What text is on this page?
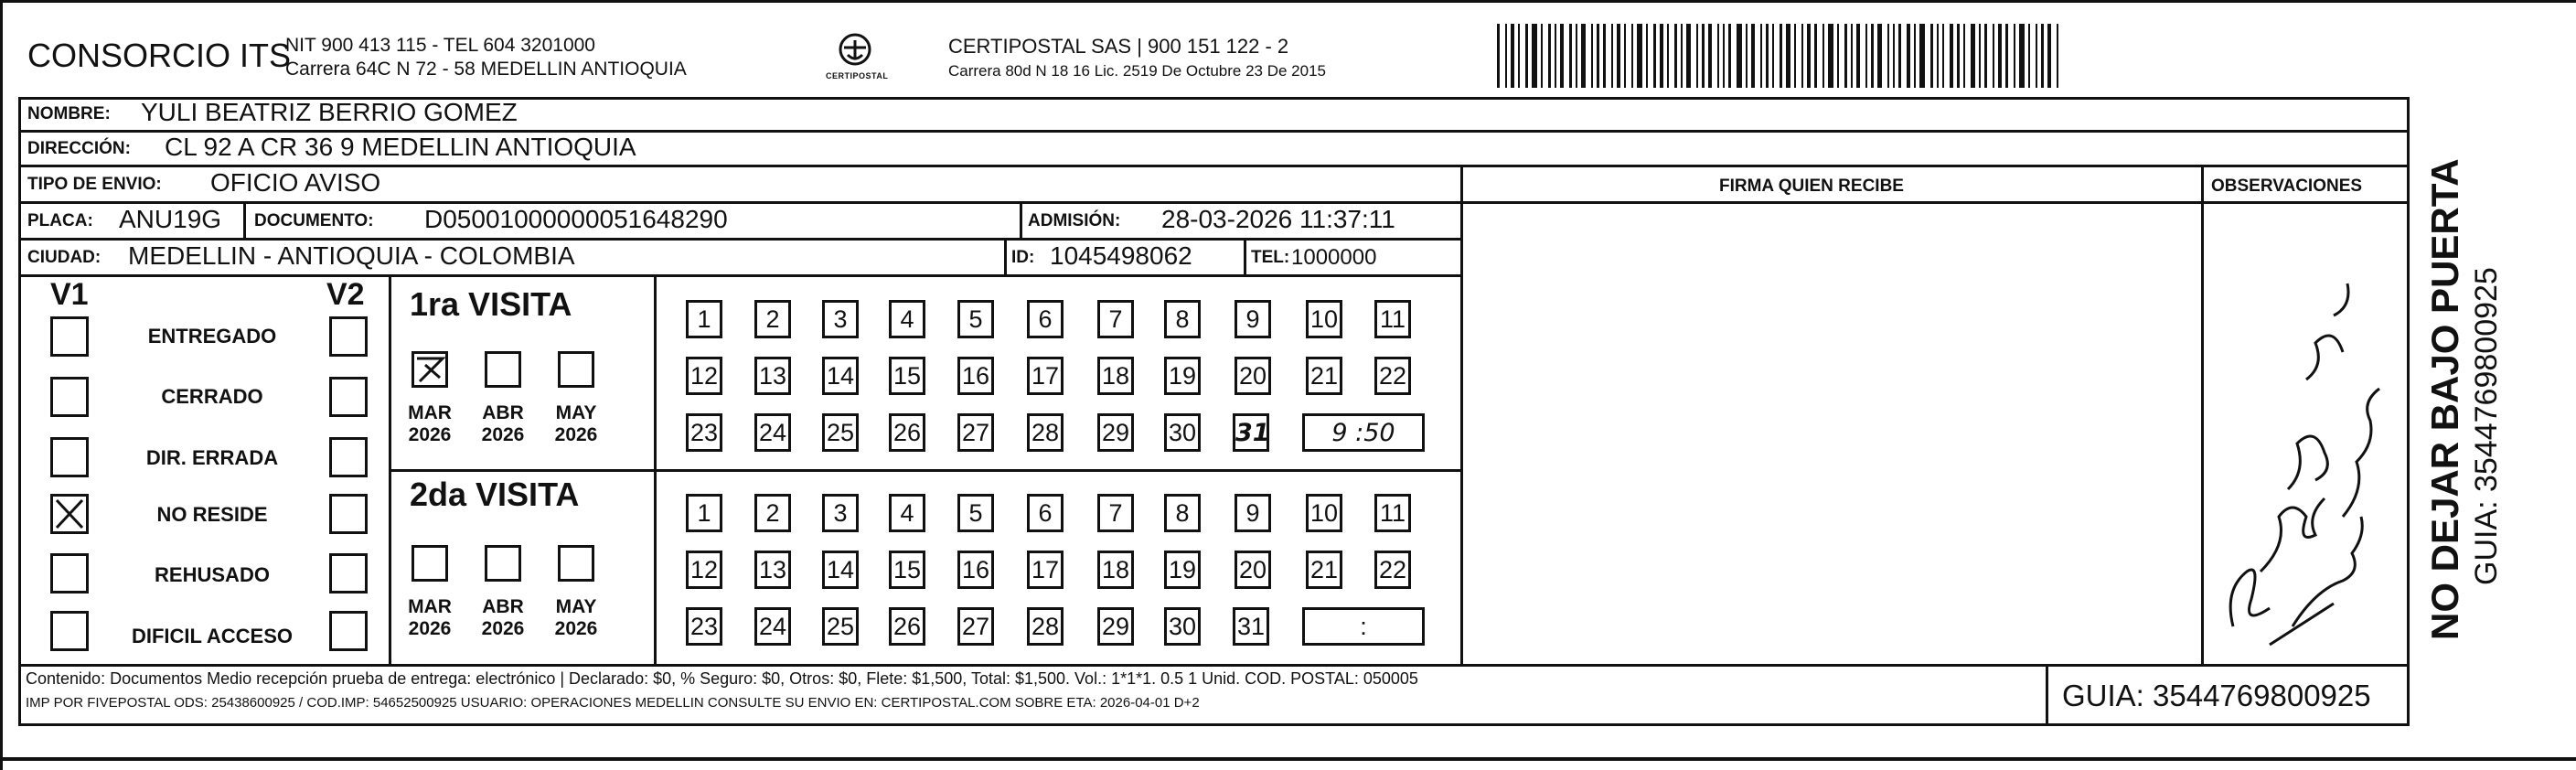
CONSORCIO ITS
NIT 900 413 115 - TEL 604 3201000
Carrera 64C N 72 - 58 MEDELLIN ANTIOQUIA	CERTIPOSTAL
CERTIPOSTAL SAS | 900 151 122 - 2
Carrera 80d N 18 16 Lic. 2519 De Octubre 23 De 2015
NOMBRE: YULI BEATRIZ BERRIO GOMEZ
DIRECCIÓN: CL 92 A CR 36 9 MEDELLIN ANTIOQUIA
TIPO DE ENVIO: OFICIO AVISO	FIRMA QUIEN RECIBE	OBSERVACIONES
PLACA: ANU19G DOCUMENTO: D05001000000051648290	ADMISIÓN: 28-03-2026 11:37:11
CIUDAD: MEDELLIN - ANTIOQUIA - COLOMBIA	ID: 1045498062	TEL: 1000000
V1	V2
ENTREGADO
CERRADO
DIR. ERRADA
NO RESIDE
REHUSADO
DIFICIL ACCESO
1ra VISITA
MAR
2026
ABR
2026
MAY
2026
1	2	3	4	5	6	7	8	9	10 11
12 13 14 15 16 17 18 19 20 21 22
23 24 25 26 27 28 29 30 31	9 :50
2da VISITA
MAR
2026
ABR
2026
MAY
2026
1	2	3	4	5	6	7	8	9	10 11
12 13 14 15 16 17 18 19 20 21 22
23 24 25 26 27 28 29 30 31	:	NO DEJAR BAJO PUERTA GUIA: 3544769800925
Contenido: Documentos Medio recepción prueba de entrega: electrónico | Declarado: $0, % Seguro: $0, Otros: $0, Flete: $1,500, Total: $1,500. Vol.: 1*1*1. 0.5 1 Unid. COD. POSTAL: 050005
IMP POR FIVEPOSTAL ODS: 25438600925 / COD.IMP: 54652500925 USUARIO: OPERACIONES MEDELLIN CONSULTE SU ENVIO EN: CERTIPOSTAL.COM SOBRE ETA: 2026-04-01 D+2	GUIA: 3544769800925
